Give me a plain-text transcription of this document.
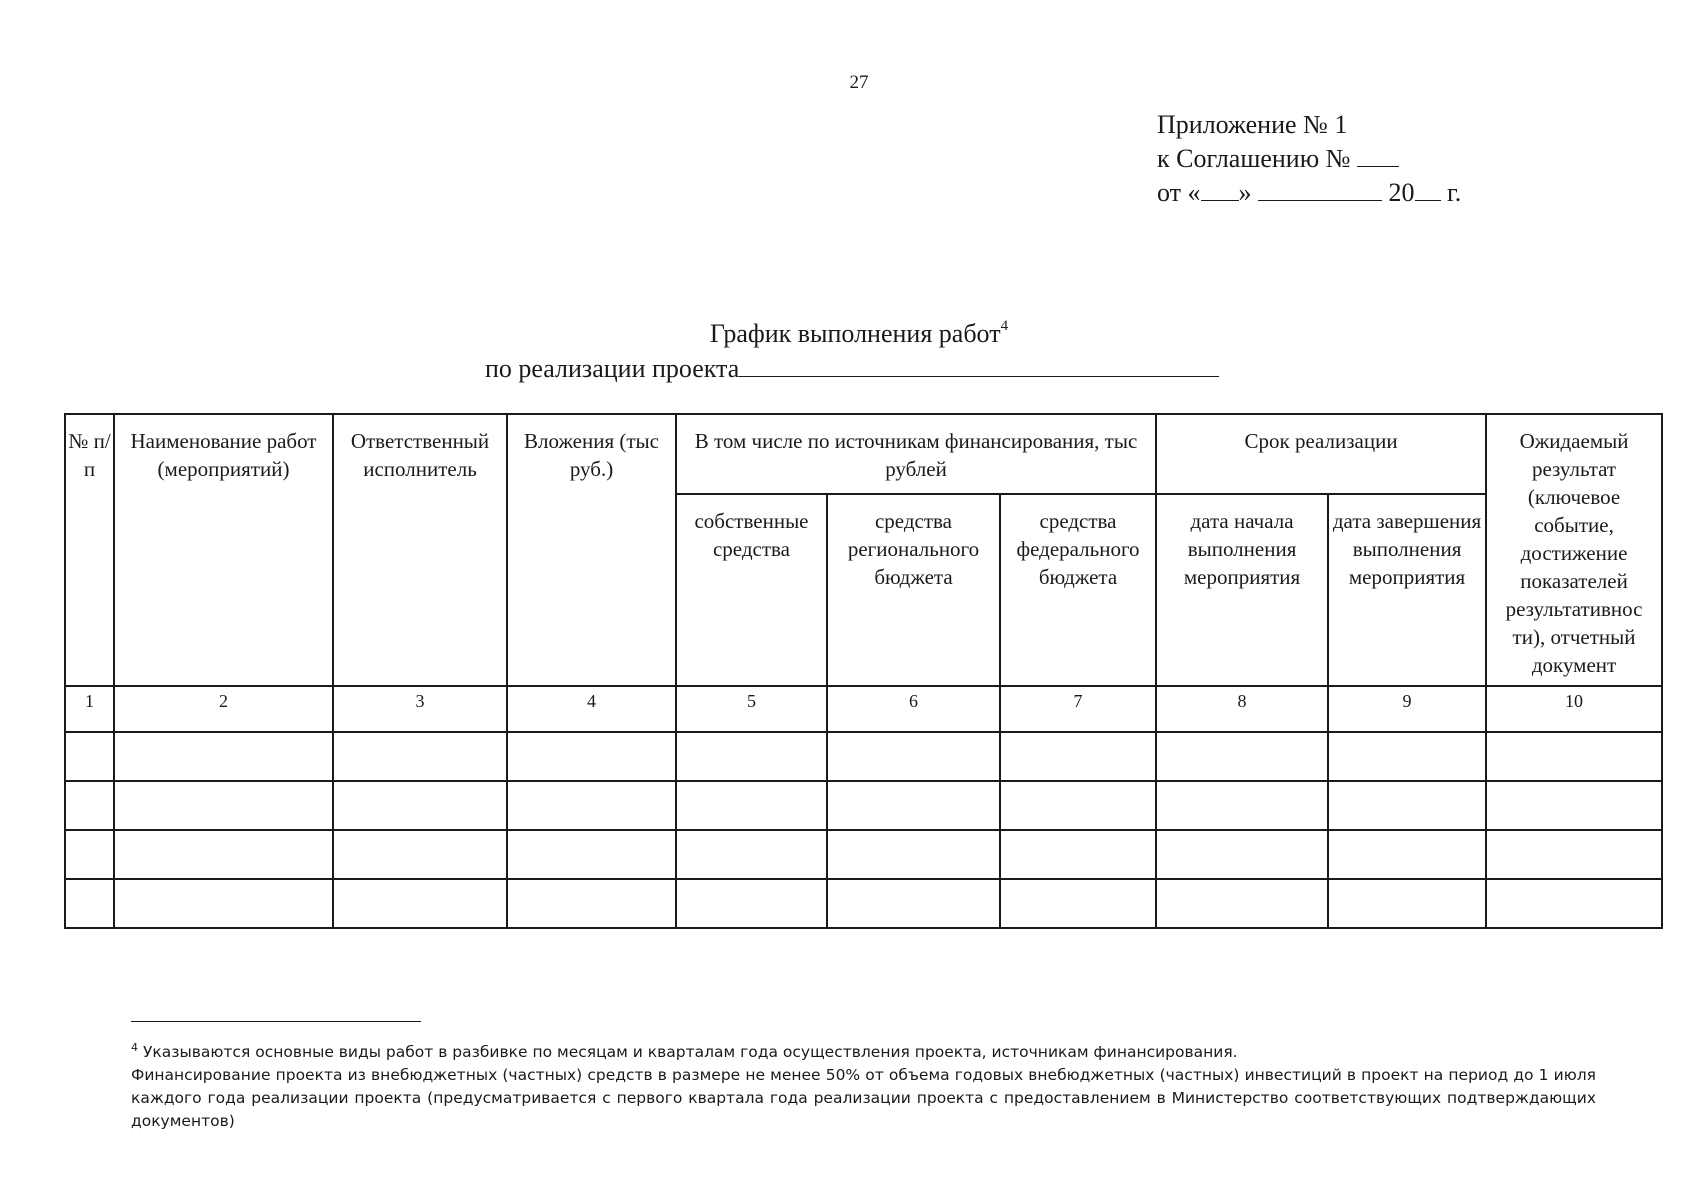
27
Приложение № 1
к Соглашению №
от « »	20 г.
График выполнения работ$^4$
по реализации проекта
№ п/п	Наименование работ (мероприятий)	Ответственный исполнитель	Вложения (тыс руб.)	В том числе по источникам финансирования, тыс рублей			Срок реализации		Ожидаемый результат (ключевое событие, достижение показателей результативнос ти), отчетный документ
				собственные средства	средства регионального бюджета	средства федерального бюджета	дата начала выполнения мероприятия	дата завершения выполнения мероприятия	
1	2	3	4	5	6	7	8	9	10

$^4$ Указываются основные виды работ в разбивке по месяцам и кварталам года осуществления проекта, источникам финансирования.

Финансирование проекта из внебюджетных (частных) средств в размере не менее 50% от объема годовых внебюджетных (частных) инвестиций в проект на период до 1 июля каждого года реализации проекта (предусматривается с первого квартала года реализации проекта с предоставлением в Министерство соответствующих подтверждающих документов)
